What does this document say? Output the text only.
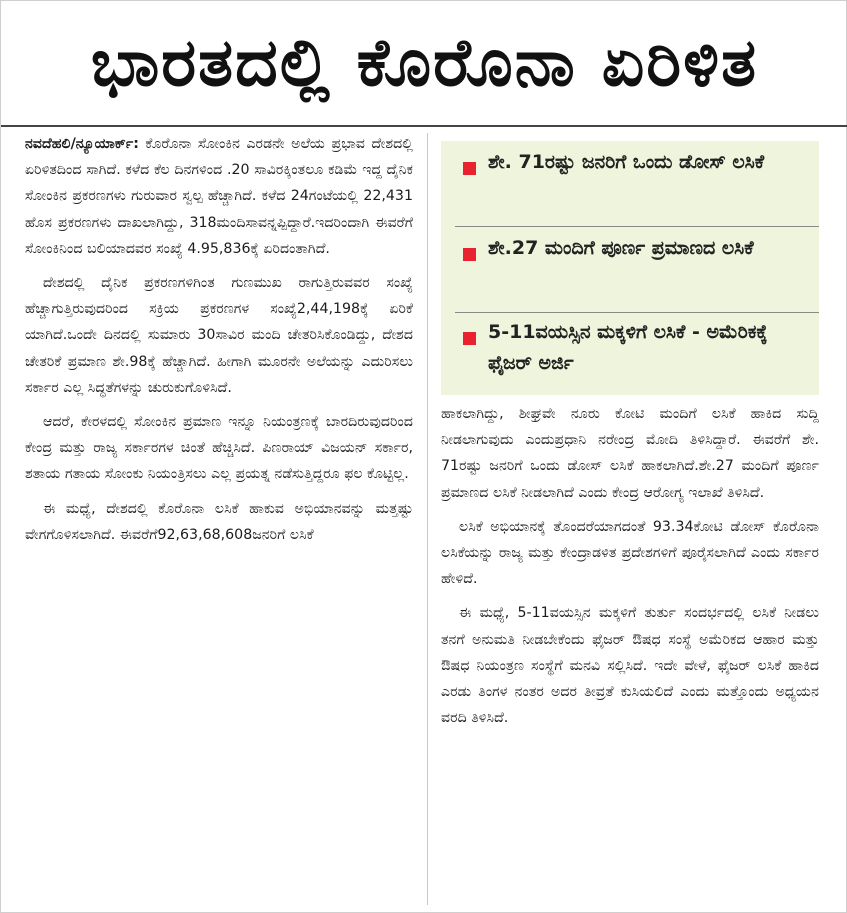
ಭಾರತದಲ್ಲಿ ಕೊರೊನಾ ಏರಿಳಿತ

ನವದೆಹಲಿ/ನ್ಯೂಯಾರ್ಕ್: ಕೊರೊನಾ ಸೋಂಕಿನ ಎರಡನೇ ಅಲೆಯ ಪ್ರಭಾವ ದೇಶದಲ್ಲಿ ಏರಿಳಿತದಿಂದ ಸಾಗಿದೆ. ಕಳೆದ ಕೆಲ ದಿನಗಳಿಂದ .20 ಸಾವಿರಕ್ಕಿಂತಲೂ ಕಡಿಮೆ ಇದ್ದ ದೈನಿಕ ಸೋಂಕಿನ ಪ್ರಕರಣಗಳು ಗುರುವಾರ ಸ್ವಲ್ಪ ಹೆಚ್ಚಾಗಿದೆ. ಕಳೆದ 24ಗಂಟೆಯಲ್ಲಿ 22,431 ಹೊಸ ಪ್ರಕರಣಗಳು ದಾಖಲಾಗಿದ್ದು, 318ಮಂದಿಸಾವನ್ನಪ್ಪಿದ್ದಾರೆ.ಇದರಿಂದಾಗಿ ಈವರೆಗೆ ಸೋಂಕಿನಿಂದ ಬಲಿಯಾದವರ ಸಂಖ್ಯೆ 4.95,836ಕ್ಕೆ ಏರಿದಂತಾಗಿದೆ.

ದೇಶದಲ್ಲಿ ದೈನಿಕ ಪ್ರಕರಣಗಳಿಗಿಂತ ಗುಣಮುಖ ರಾಗುತ್ತಿರುವವರ ಸಂಖ್ಯೆ ಹೆಚ್ಚಾಗುತ್ತಿರುವುದರಿಂದ ಸಕ್ರಿಯ ಪ್ರಕರಣಗಳ ಸಂಖ್ಯೆ2,44,198ಕ್ಕೆ ಏರಿಕೆ ಯಾಗಿದೆ.ಒಂದೇ ದಿನದಲ್ಲಿ ಸುಮಾರು 30ಸಾವಿರ ಮಂದಿ ಚೇತರಿಸಿಕೊಂಡಿದ್ದು, ದೇಶದ ಚೇತರಿಕೆ ಪ್ರಮಾಣ ಶೇ.98ಕ್ಕೆ ಹೆಚ್ಚಾಗಿದೆ. ಹೀಗಾಗಿ ಮೂರನೇ ಅಲೆಯನ್ನು ಎದುರಿಸಲು ಸರ್ಕಾರ ಎಲ್ಲ ಸಿದ್ಧತೆಗಳನ್ನು ಚುರುಕುಗೊಳಿಸಿದೆ.

ಆದರೆ, ಕೇರಳದಲ್ಲಿ ಸೋಂಕಿನ ಪ್ರಮಾಣ ಇನ್ನೂ ನಿಯಂತ್ರಣಕ್ಕೆ ಬಾರದಿರುವುದರಿಂದ ಕೇಂದ್ರ ಮತ್ತು ರಾಜ್ಯ ಸರ್ಕಾರಗಳ ಚಿಂತೆ ಹೆಚ್ಚಿಸಿದೆ. ಪಿಣರಾಯ್ ವಿಜಯನ್ ಸರ್ಕಾರ, ಶತಾಯ ಗತಾಯ ಸೋಂಕು ನಿಯಂತ್ರಿಸಲು ಎಲ್ಲ ಪ್ರಯತ್ನ ನಡೆಸುತ್ತಿದ್ದರೂ ಫಲ ಕೊಟ್ಟಿಲ್ಲ.

ಈ ಮಧ್ಯೆ, ದೇಶದಲ್ಲಿ ಕೊರೊನಾ ಲಸಿಕೆ ಹಾಕುವ ಅಭಿಯಾನವನ್ನು ಮತ್ತಷ್ಟು ವೇಗಗೊಳಿಸಲಾಗಿದೆ. ಈವರೆಗೆ92,63,68,608ಜನರಿಗೆ ಲಸಿಕೆ

ಶೇ. 71ರಷ್ಟು ಜನರಿಗೆ ಒಂದು ಡೋಸ್ ಲಸಿಕೆ
ಶೇ.27 ಮಂದಿಗೆ ಪೂರ್ಣ ಪ್ರಮಾಣದ ಲಸಿಕೆ
5-11ವಯಸ್ಸಿನ ಮಕ್ಕಳಿಗೆ ಲಸಿಕೆ - ಅಮೆರಿಕಕ್ಕೆ ಫೈಜರ್ ಅರ್ಜಿ

ಹಾಕಲಾಗಿದ್ದು, ಶೀಘ್ರವೇ ನೂರು ಕೋಟಿ ಮಂದಿಗೆ ಲಸಿಕೆ ಹಾಕಿದ ಸುದ್ದಿ ನೀಡಲಾಗುವುದು ಎಂದುಪ್ರಧಾನಿ ನರೇಂದ್ರ ಮೋದಿ ತಿಳಿಸಿದ್ದಾರೆ. ಈವರೆಗೆ ಶೇ. 71ರಷ್ಟು ಜನರಿಗೆ ಒಂದು ಡೋಸ್ ಲಸಿಕೆ ಹಾಕಲಾಗಿದೆ.ಶೇ.27 ಮಂದಿಗೆ ಪೂರ್ಣ ಪ್ರಮಾಣದ ಲಸಿಕೆ ನೀಡಲಾಗಿದೆ ಎಂದು ಕೇಂದ್ರ ಆರೋಗ್ಯ ಇಲಾಖೆ ತಿಳಿಸಿದೆ.

ಲಸಿಕೆ ಅಭಿಯಾನಕ್ಕೆ ತೊಂದರೆಯಾಗದಂತೆ 93.34ಕೋಟಿ ಡೋಸ್ ಕೊರೊನಾ ಲಸಿಕೆಯನ್ನು ರಾಜ್ಯ ಮತ್ತು ಕೇಂದ್ರಾಡಳಿತ ಪ್ರದೇಶಗಳಿಗೆ ಪೂರೈಸಲಾಗಿದೆ ಎಂದು ಸರ್ಕಾರ ಹೇಳಿದೆ.

ಈ ಮಧ್ಯೆ, 5-11ವಯಸ್ಸಿನ ಮಕ್ಕಳಿಗೆ ತುರ್ತು ಸಂದರ್ಭದಲ್ಲಿ ಲಸಿಕೆ ನೀಡಲು ತನಗೆ ಅನುಮತಿ ನೀಡಬೇಕೆಂದು ಫೈಜರ್ ಔಷಧ ಸಂಸ್ಥೆ ಅಮೆರಿಕದ ಆಹಾರ ಮತ್ತು ಔಷಧ ನಿಯಂತ್ರಣ ಸಂಸ್ಥೆಗೆ ಮನವಿ ಸಲ್ಲಿಸಿದೆ. ಇದೇ ವೇಳೆ, ಫೈಜರ್ ಲಸಿಕೆ ಹಾಕಿದ ಎರಡು ತಿಂಗಳ ನಂತರ ಅದರ ತೀವ್ರತೆ ಕುಸಿಯಲಿದೆ ಎಂದು ಮತ್ತೊಂದು ಅಧ್ಯಯನ ವರದಿ ತಿಳಿಸಿದೆ.
